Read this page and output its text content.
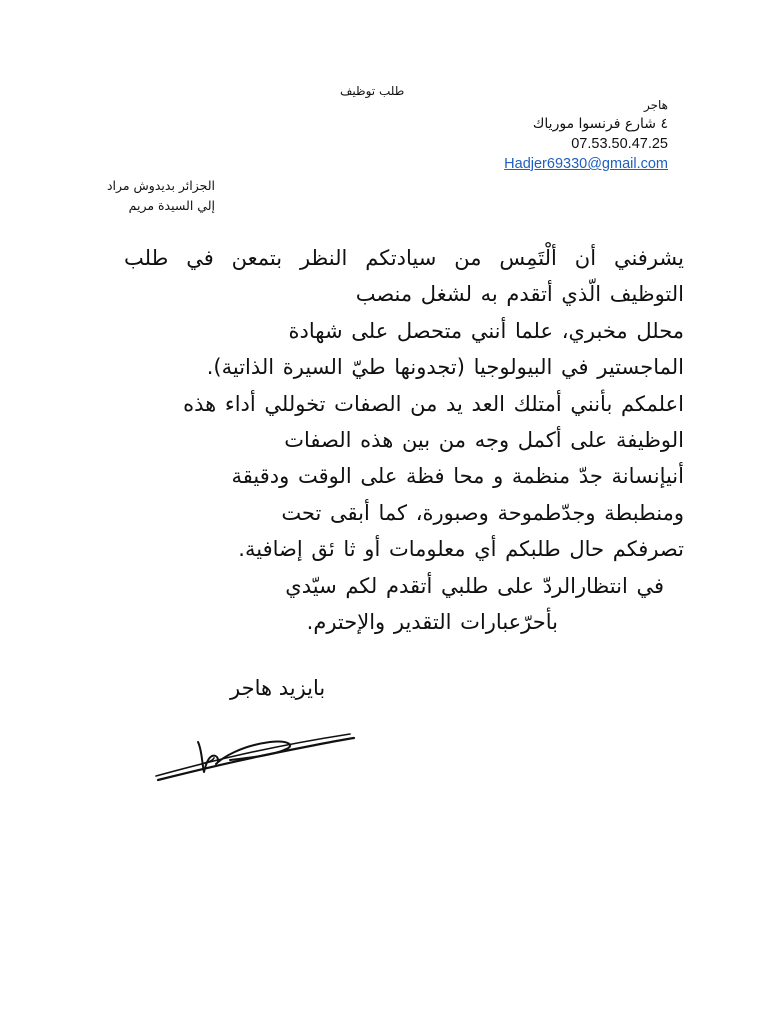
طلب توظيف
هاجر
٤ شارع فرنسوا مورياك
07.53.50.47.25
Hadjer69330@gmail.com
الجزائر بديدوش مراد
إلي السيدة مريم
يشرفني أن ألْتَمِس من سيادتكم النظر بتمعن في طلب
التوظيف الّذي أتقدم به لشغل منصب
محلل مخبري، علما أنني متحصل على شهادة
الماجستير في البيولوجيا (تجدونها طيّ السيرة الذاتية).
اعلمكم بأنني أمتلك العد يد من الصفات تخوللي أداء هذه
الوظيفة على أكمل وجه من بين هذه الصفات
أنيإنسانة جدّ منظمة و محا فظة على الوقت ودقيقة
ومنطبطة وجدّطموحة وصبورة، كما أبقى تحت
تصرفكم حال طلبكم أي معلومات أو ثا ئق إضافية.
في انتظارالردّ على طلبي أتقدم لكم سيّدي
بأحرّعبارات التقدير والإحترم.
بايزيد هاجر
